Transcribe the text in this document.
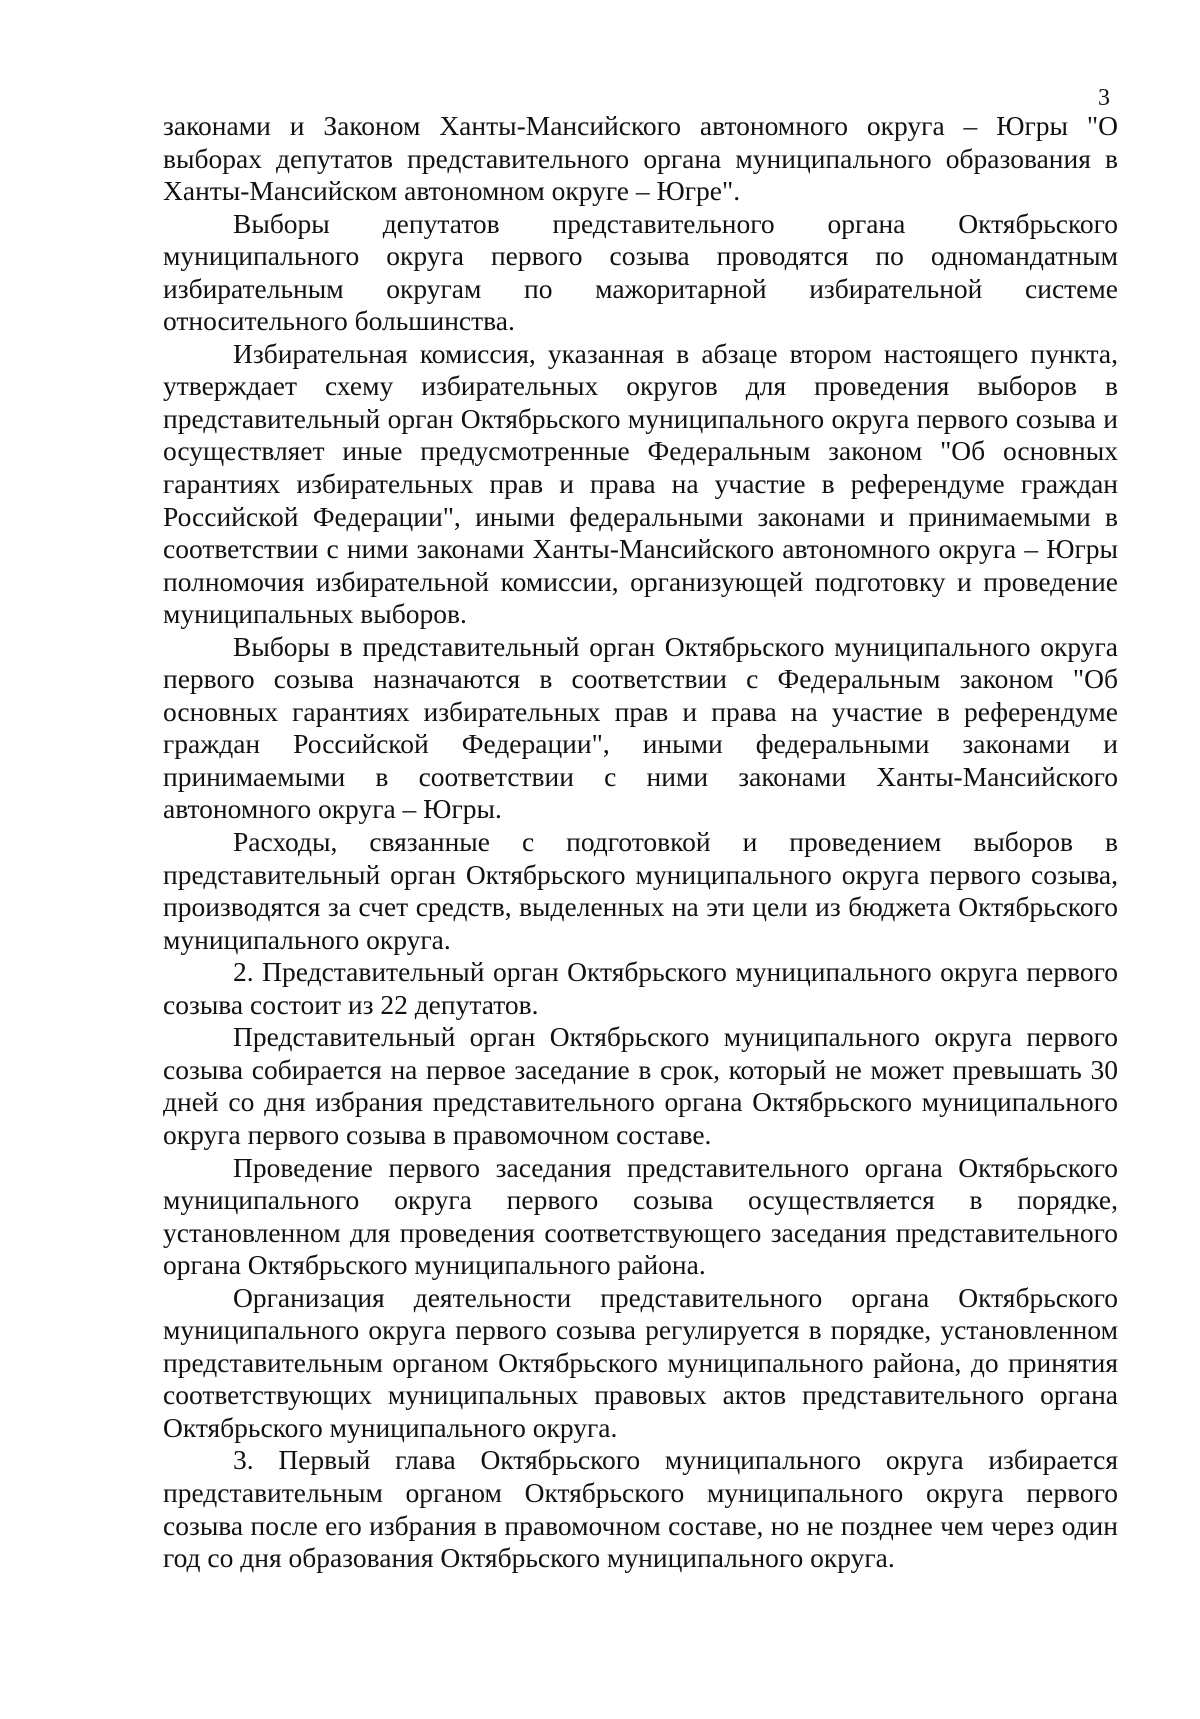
3

законами и Законом Ханты-Мансийского автономного округа – Югры "О выборах депутатов представительного органа муниципального образования в Ханты-Мансийском автономном округе – Югре".

Выборы депутатов представительного органа Октябрьского муниципального округа первого созыва проводятся по одномандатным избирательным округам по мажоритарной избирательной системе относительного большинства.

Избирательная комиссия, указанная в абзаце втором настоящего пункта, утверждает схему избирательных округов для проведения выборов в представительный орган Октябрьского муниципального округа первого созыва и осуществляет иные предусмотренные Федеральным законом "Об основных гарантиях избирательных прав и права на участие в референдуме граждан Российской Федерации", иными федеральными законами и принимаемыми в соответствии с ними законами Ханты-Мансийского автономного округа – Югры полномочия избирательной комиссии, организующей подготовку и проведение муниципальных выборов.

Выборы в представительный орган Октябрьского муниципального округа первого созыва назначаются в соответствии с Федеральным законом "Об основных гарантиях избирательных прав и права на участие в референдуме граждан Российской Федерации", иными федеральными законами и принимаемыми в соответствии с ними законами Ханты-Мансийского автономного округа – Югры.

Расходы, связанные с подготовкой и проведением выборов в представительный орган Октябрьского муниципального округа первого созыва, производятся за счет средств, выделенных на эти цели из бюджета Октябрьского муниципального округа.

2. Представительный орган Октябрьского муниципального округа первого созыва состоит из 22 депутатов.

Представительный орган Октябрьского муниципального округа первого созыва собирается на первое заседание в срок, который не может превышать 30 дней со дня избрания представительного органа Октябрьского муниципального округа первого созыва в правомочном составе.

Проведение первого заседания представительного органа Октябрьского муниципального округа первого созыва осуществляется в порядке, установленном для проведения соответствующего заседания представительного органа Октябрьского муниципального района.

Организация деятельности представительного органа Октябрьского муниципального округа первого созыва регулируется в порядке, установленном представительным органом Октябрьского муниципального района, до принятия соответствующих муниципальных правовых актов представительного органа Октябрьского муниципального округа.

3. Первый глава Октябрьского муниципального округа избирается представительным органом Октябрьского муниципального округа первого созыва после его избрания в правомочном составе, но не позднее чем через один год со дня образования Октябрьского муниципального округа.
